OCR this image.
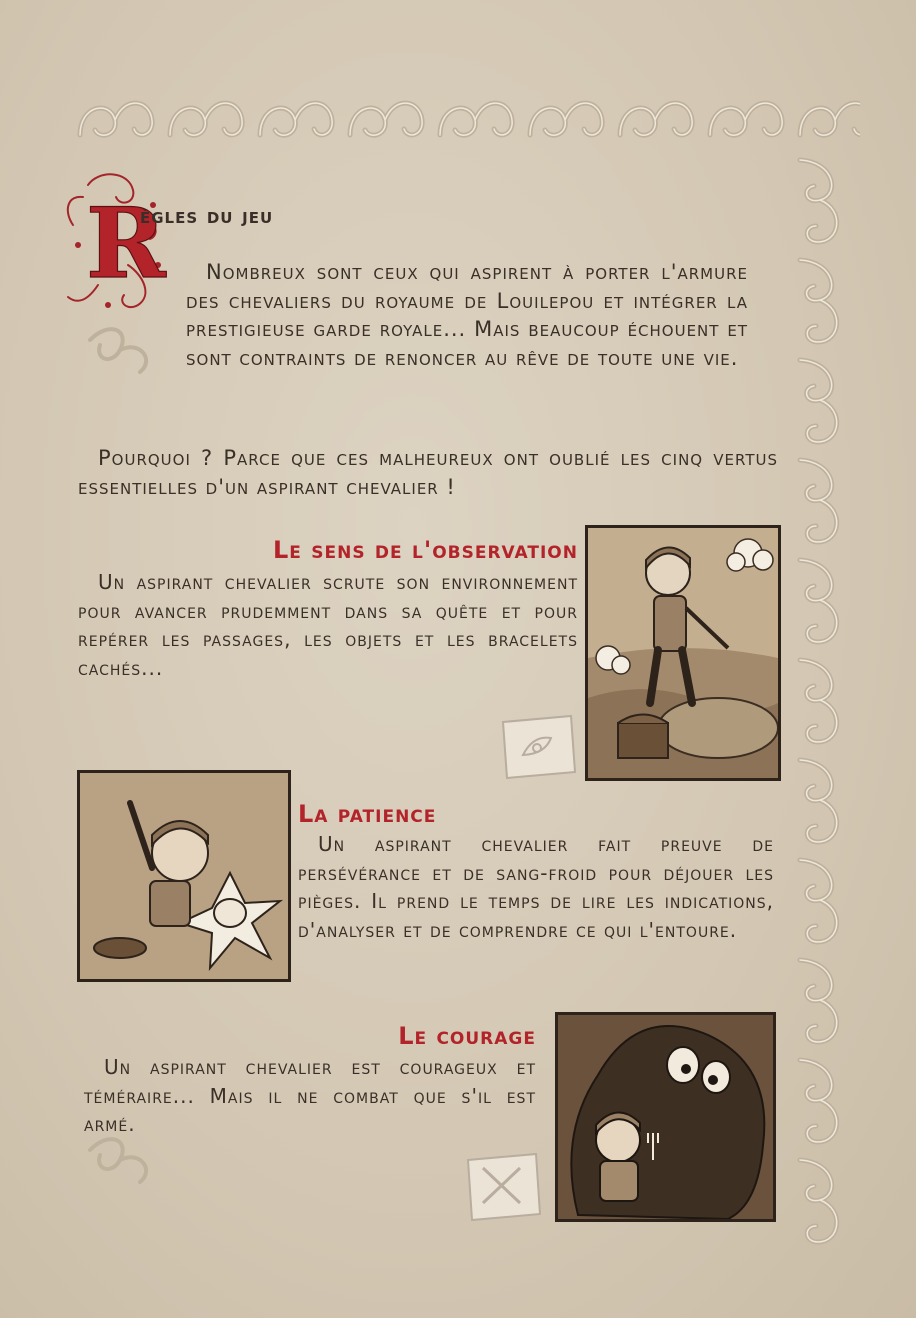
R
ègles du jeu
Nombreux sont ceux qui aspirent à porter l'armure des chevaliers du royaume de Louilepou et intégrer la prestigieuse garde royale... Mais beaucoup échouent et sont contraints de renoncer au rêve de toute une vie.
Pourquoi ? Parce que ces malheureux ont oublié les cinq vertus essentielles d'un aspirant chevalier !
Le sens de l'observation
Un aspirant chevalier scrute son environnement pour avancer prudemment dans sa quête et pour repérer les passages, les objets et les bracelets cachés...
La patience
Un aspirant chevalier fait preuve de persévérance et de sang-froid pour déjouer les pièges. Il prend le temps de lire les indications, d'analyser et de comprendre ce qui l'entoure.
Le courage
Un aspirant chevalier est courageux et téméraire... Mais il ne combat que s'il est armé.
